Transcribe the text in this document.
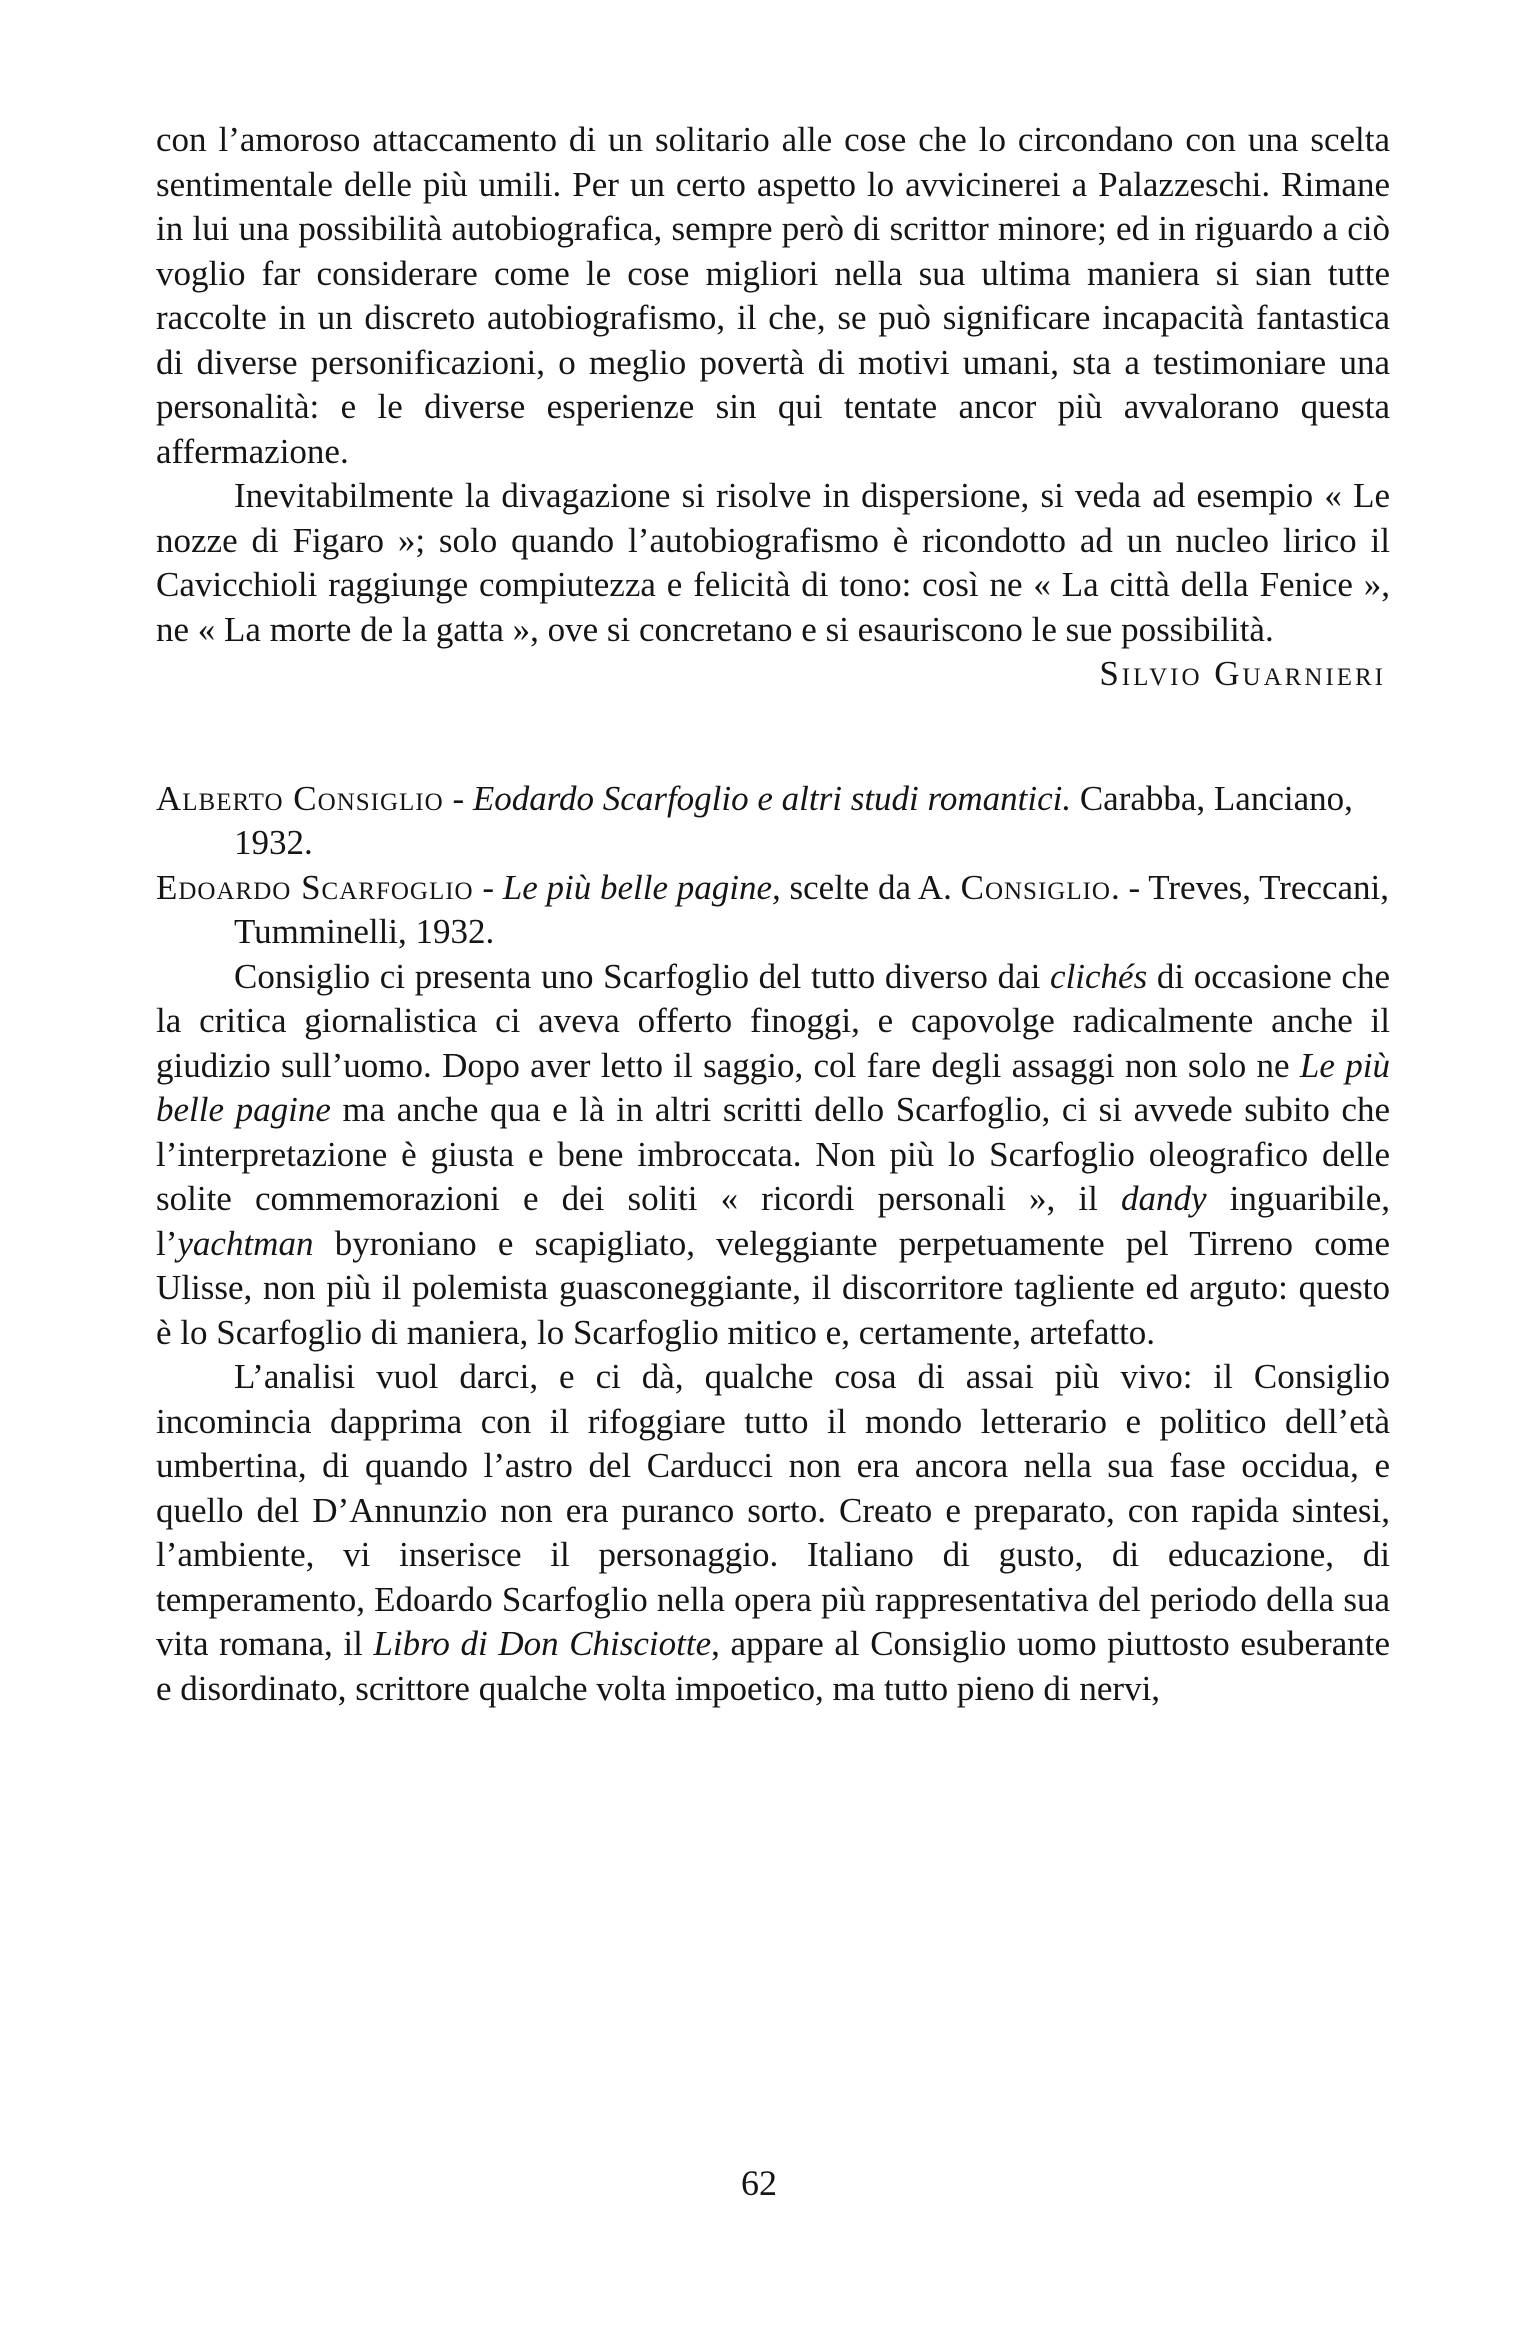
con l’amoroso attaccamento di un solitario alle cose che lo circondano con una scelta sentimentale delle più umili. Per un certo aspetto lo avvicinerei a Palazzeschi. Rimane in lui una possibilità autobiografica, sempre però di scrittor minore; ed in riguardo a ciò voglio far considerare come le cose migliori nella sua ultima maniera si sian tutte raccolte in un discreto autobiografismo, il che, se può significare incapacità fantastica di diverse personificazioni, o meglio povertà di motivi umani, sta a testimoniare una personalità: e le diverse esperienze sin qui tentate ancor più avvalorano questa affermazione.

Inevitabilmente la divagazione si risolve in dispersione, si veda ad esempio « Le nozze di Figaro »; solo quando l’autobiografismo è ricondotto ad un nucleo lirico il Cavicchioli raggiunge compiutezza e felicità di tono: così ne « La città della Fenice », ne « La morte de la gatta », ove si concretano e si esauriscono le sue possibilità.

Silvio Guarnieri

Alberto Consiglio - Eodardo Scarfoglio e altri studi romantici. Carabba, Lanciano, 1932.

Edoardo Scarfoglio - Le più belle pagine, scelte da A. Consiglio. - Treves, Treccani, Tumminelli, 1932.

Consiglio ci presenta uno Scarfoglio del tutto diverso dai clichés di occasione che la critica giornalistica ci aveva offerto finoggi, e capovolge radicalmente anche il giudizio sull’uomo. Dopo aver letto il saggio, col fare degli assaggi non solo ne Le più belle pagine ma anche qua e là in altri scritti dello Scarfoglio, ci si avvede subito che l’interpretazione è giusta e bene imbroccata. Non più lo Scarfoglio oleografico delle solite commemorazioni e dei soliti « ricordi personali », il dandy inguaribile, l’yachtman byroniano e scapigliato, veleggiante perpetuamente pel Tirreno come Ulisse, non più il polemista guasconeggiante, il discorritore tagliente ed arguto: questo è lo Scarfoglio di maniera, lo Scarfoglio mitico e, certamente, artefatto.

L’analisi vuol darci, e ci dà, qualche cosa di assai più vivo: il Consiglio incomincia dapprima con il rifoggiare tutto il mondo letterario e politico dell’età umbertina, di quando l’astro del Carducci non era ancora nella sua fase occidua, e quello del D’Annunzio non era puranco sorto. Creato e preparato, con rapida sintesi, l’ambiente, vi inserisce il personaggio. Italiano di gusto, di educazione, di temperamento, Edoardo Scarfoglio nella opera più rappresentativa del periodo della sua vita romana, il Libro di Don Chisciotte, appare al Consiglio uomo piuttosto esuberante e disordinato, scrittore qualche volta impoetico, ma tutto pieno di nervi,

62
